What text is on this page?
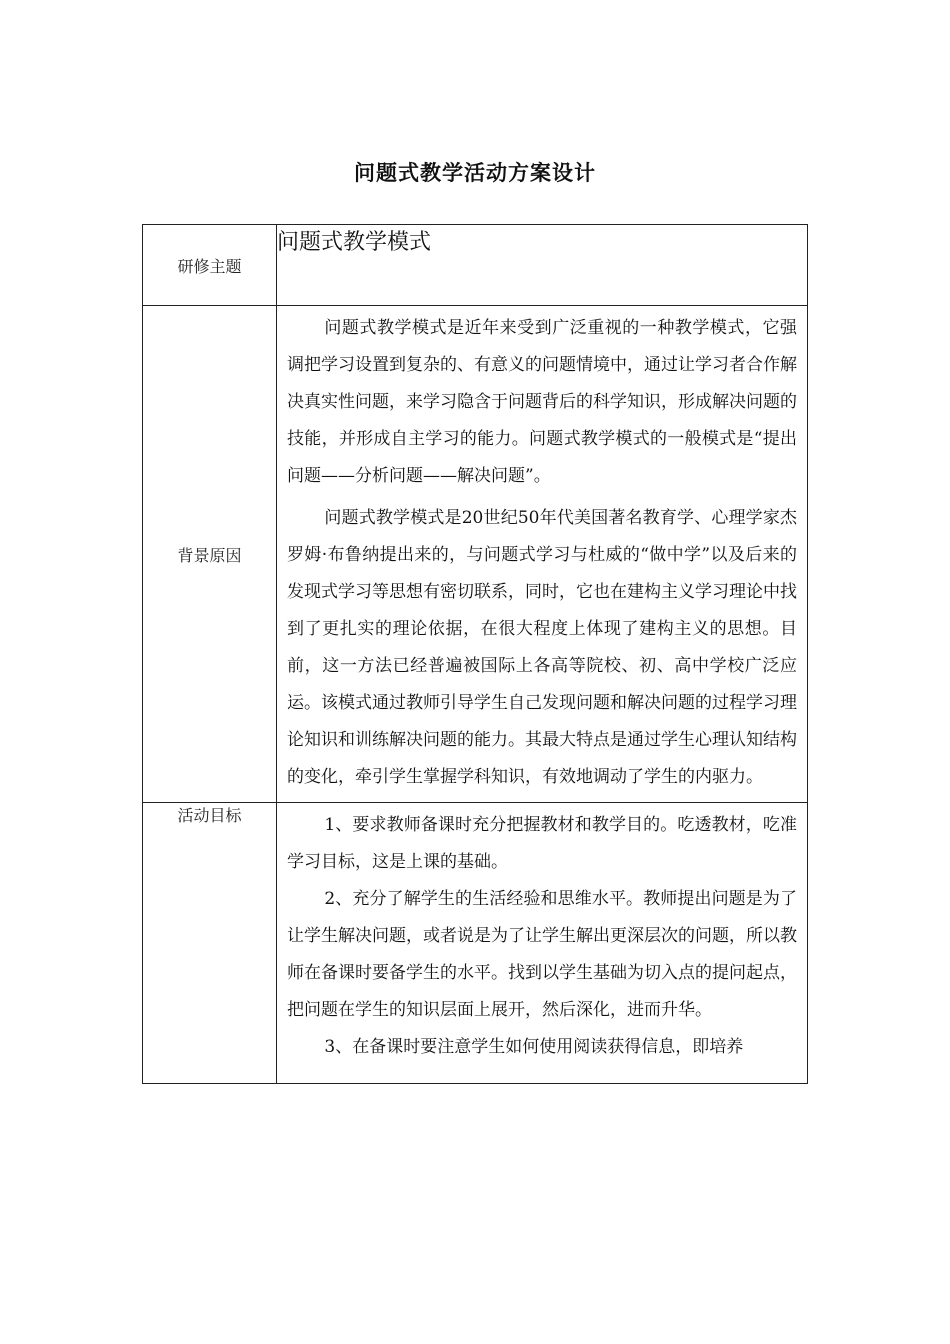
问题式教学活动方案设计
研修主题	问题式教学模式
背景原因	问题式教学模式是近年来受到广泛重视的一种教学模式，它强调把学习设置到复杂的、有意义的问题情境中，通过让学习者合作解决真实性问题，来学习隐含于问题背后的科学知识，形成解决问题的技能，并形成自主学习的能力。问题式教学模式的一般模式是“提出问题——分析问题——解决问题”。

问题式教学模式是20世纪50年代美国著名教育学、心理学家杰罗姆·布鲁纳提出来的，与问题式学习与杜威的“做中学”以及后来的发现式学习等思想有密切联系，同时，它也在建构主义学习理论中找到了更扎实的理论依据，在很大程度上体现了建构主义的思想。目前，这一方法已经普遍被国际上各高等院校、初、高中学校广泛应运。该模式通过教师引导学生自己发现问题和解决问题的过程学习理论知识和训练解决问题的能力。其最大特点是通过学生心理认知结构的变化，牵引学生掌握学科知识，有效地调动了学生的内驱力。

活动目标	1、要求教师备课时充分把握教材和教学目的。吃透教材，吃准学习目标，这是上课的基础。

2、充分了解学生的生活经验和思维水平。教师提出问题是为了让学生解决问题，或者说是为了让学生解出更深层次的问题，所以教师在备课时要备学生的水平。找到以学生基础为切入点的提问起点，把问题在学生的知识层面上展开，然后深化，进而升华。

3、在备课时要注意学生如何使用阅读获得信息，即培养
